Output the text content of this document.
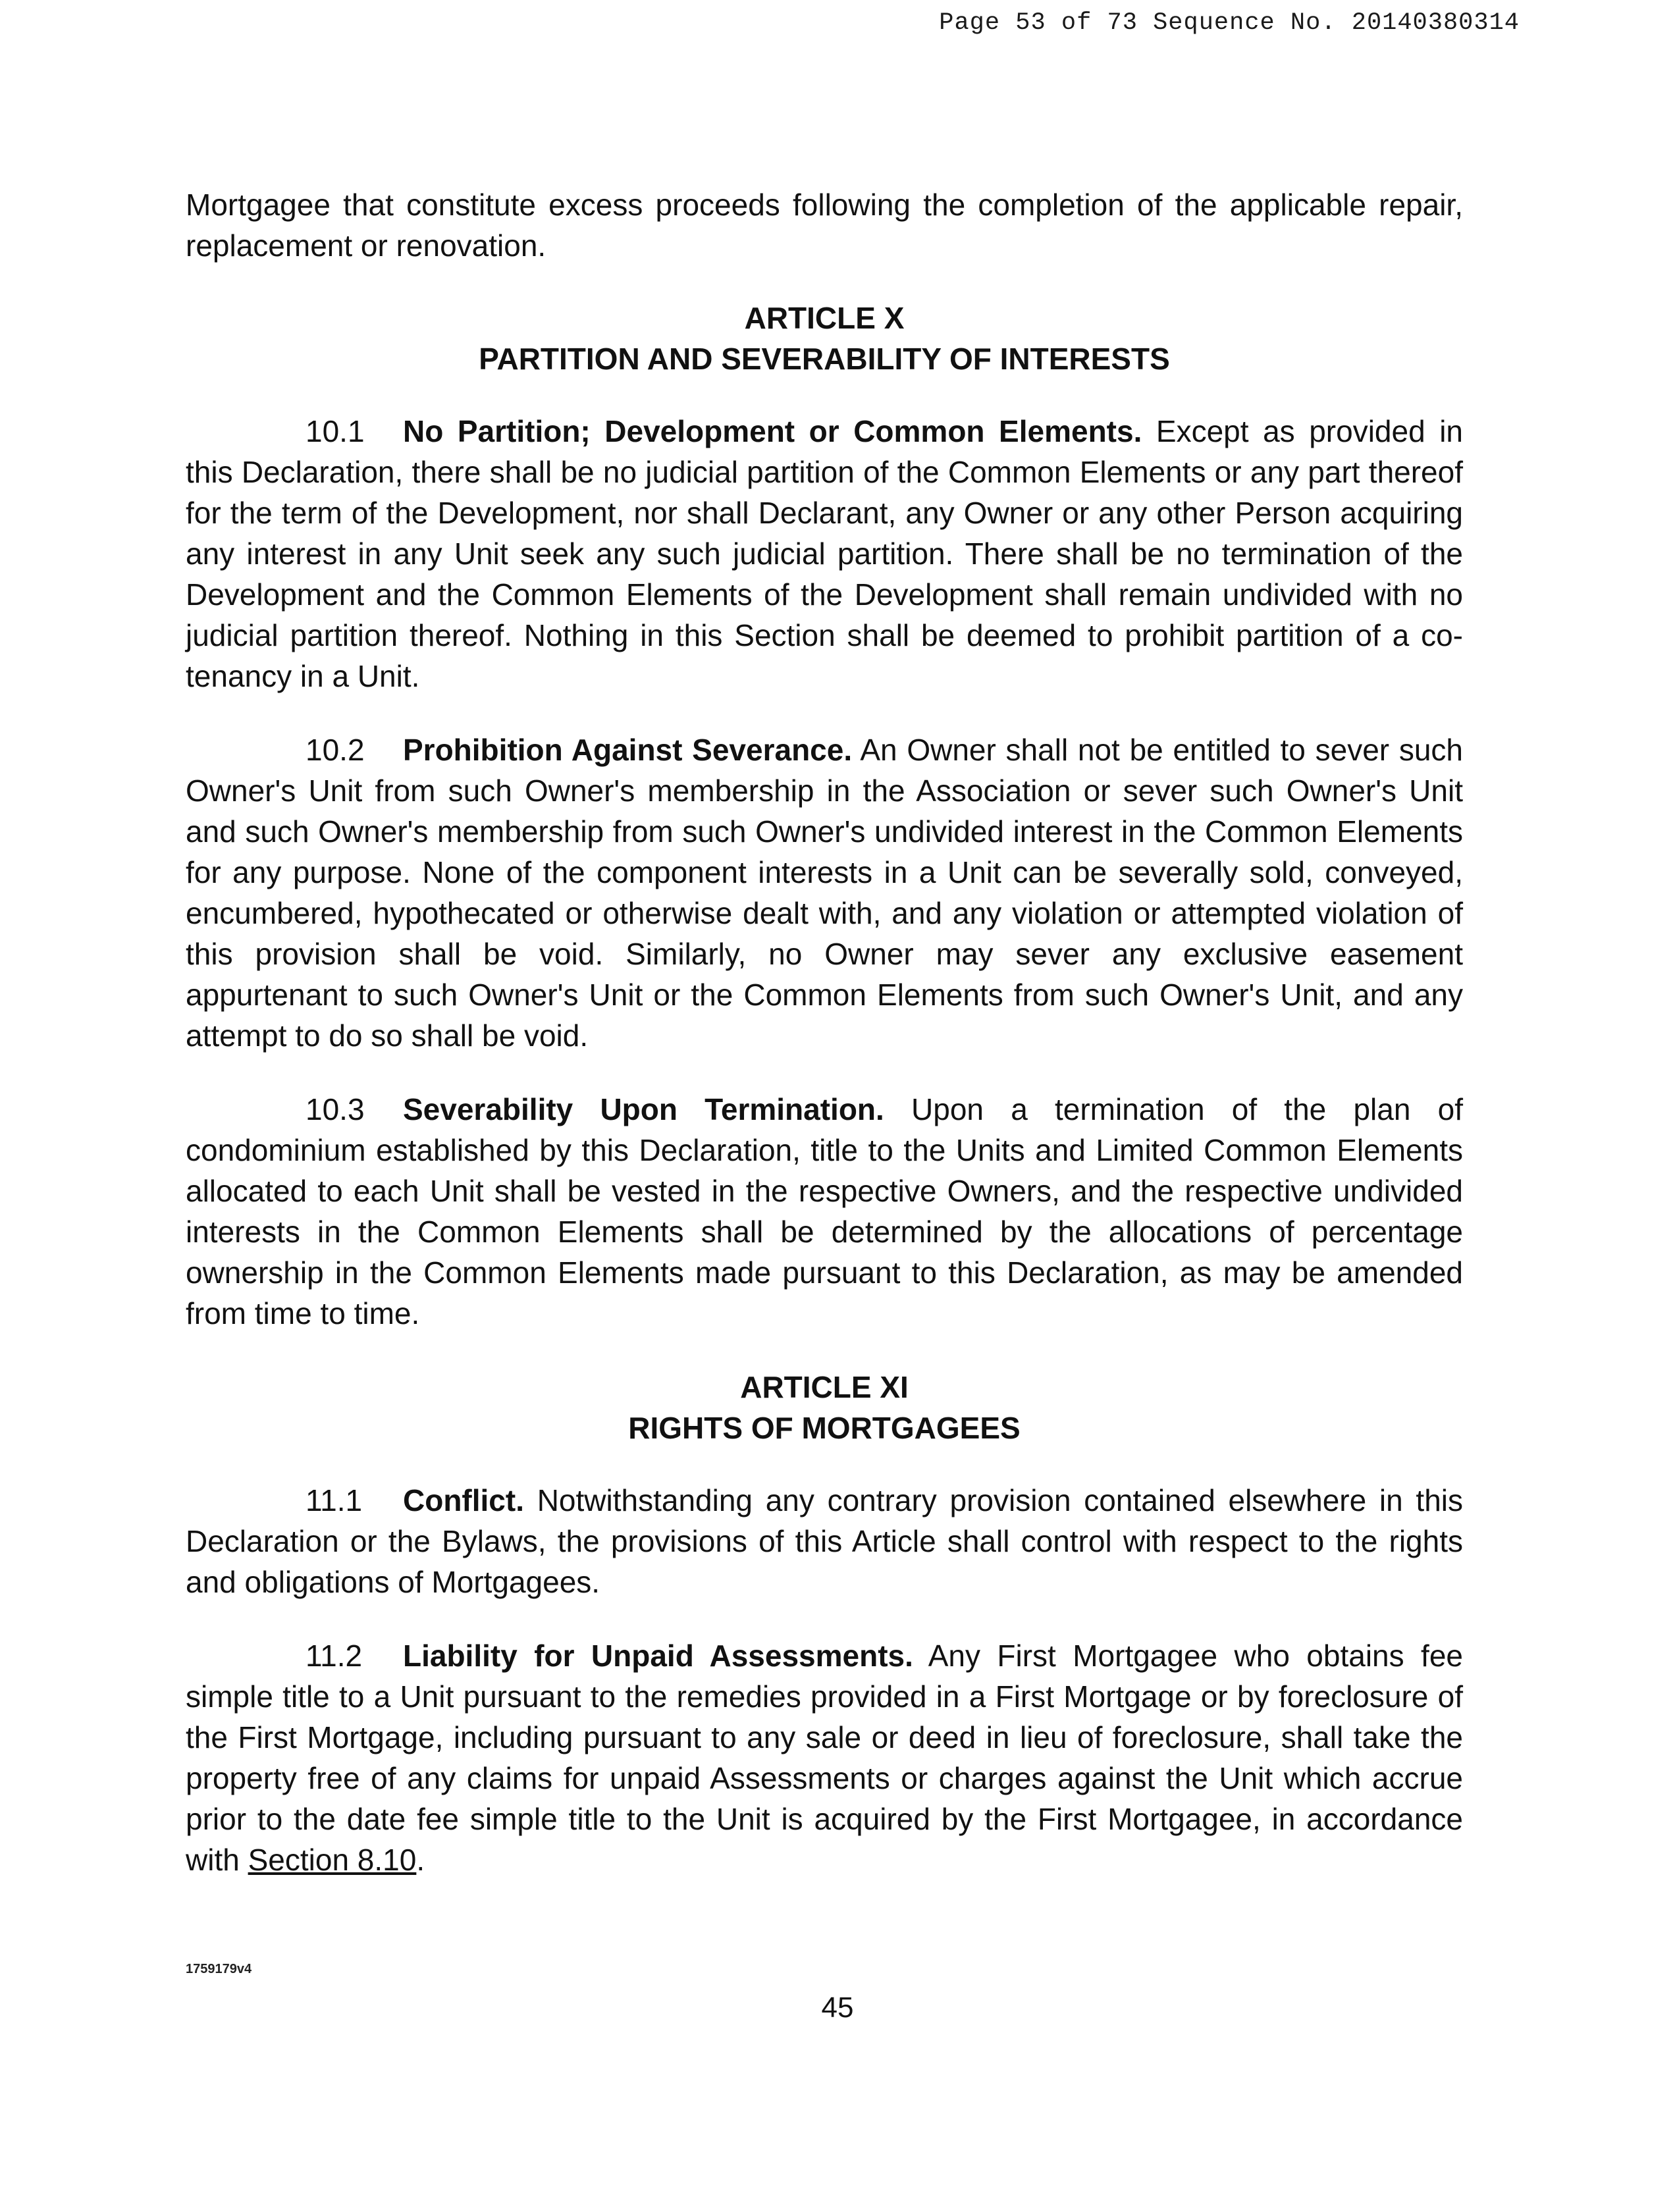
Page 53 of 73 Sequence No. 20140380314

Mortgagee that constitute excess proceeds following the completion of the applicable repair, replacement or renovation.

ARTICLE X
PARTITION AND SEVERABILITY OF INTERESTS

10.1 No Partition; Development or Common Elements. Except as provided in this Declaration, there shall be no judicial partition of the Common Elements or any part thereof for the term of the Development, nor shall Declarant, any Owner or any other Person acquiring any interest in any Unit seek any such judicial partition. There shall be no termination of the Development and the Common Elements of the Development shall remain undivided with no judicial partition thereof. Nothing in this Section shall be deemed to prohibit partition of a co-tenancy in a Unit.

10.2 Prohibition Against Severance. An Owner shall not be entitled to sever such Owner's Unit from such Owner's membership in the Association or sever such Owner's Unit and such Owner's membership from such Owner's undivided interest in the Common Elements for any purpose. None of the component interests in a Unit can be severally sold, conveyed, encumbered, hypothecated or otherwise dealt with, and any violation or attempted violation of this provision shall be void. Similarly, no Owner may sever any exclusive easement appurtenant to such Owner's Unit or the Common Elements from such Owner's Unit, and any attempt to do so shall be void.

10.3 Severability Upon Termination. Upon a termination of the plan of condominium established by this Declaration, title to the Units and Limited Common Elements allocated to each Unit shall be vested in the respective Owners, and the respective undivided interests in the Common Elements shall be determined by the allocations of percentage ownership in the Common Elements made pursuant to this Declaration, as may be amended from time to time.

ARTICLE XI
RIGHTS OF MORTGAGEES

11.1 Conflict. Notwithstanding any contrary provision contained elsewhere in this Declaration or the Bylaws, the provisions of this Article shall control with respect to the rights and obligations of Mortgagees.

11.2 Liability for Unpaid Assessments. Any First Mortgagee who obtains fee simple title to a Unit pursuant to the remedies provided in a First Mortgage or by foreclosure of the First Mortgage, including pursuant to any sale or deed in lieu of foreclosure, shall take the property free of any claims for unpaid Assessments or charges against the Unit which accrue prior to the date fee simple title to the Unit is acquired by the First Mortgagee, in accordance with Section 8.10.

1759179v4
45
